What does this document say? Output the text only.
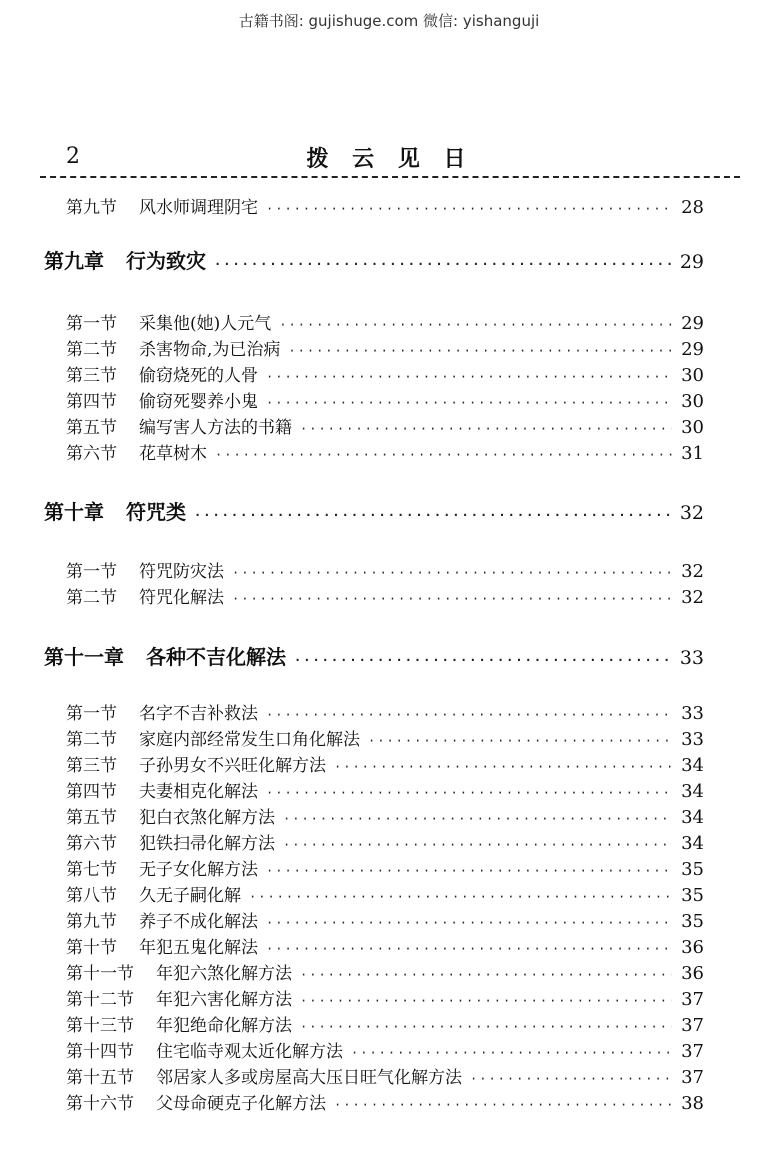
古籍书阁: gujishuge.com 微信: yishanguji
2	拨 云 见 日
第九节 风水师调理阴宅 ·····	28
第九章 行为致灾 ·····	29
第一节 采集他(她)人元气 ·····	29
第二节 杀害物命,为已治病 ·····	29
第三节 偷窃烧死的人骨 ·····	30
第四节 偷窃死婴养小鬼 ·····	30
第五节 编写害人方法的书籍 ·····	30
第六节 花草树木 ·····	31
第十章 符咒类 ·····	32
第一节 符咒防灾法 ·····	32
第二节 符咒化解法 ·····	32
第十一章 各种不吉化解法 ·····	33
第一节 名字不吉补救法 ·····	33
第二节 家庭内部经常发生口角化解法 ·····	33
第三节 子孙男女不兴旺化解方法 ·····	34
第四节 夫妻相克化解法 ·····	34
第五节 犯白衣煞化解方法 ·····	34
第六节 犯铁扫帚化解方法 ·····	34
第七节 无子女化解方法 ·····	35
第八节 久无子嗣化解 ·····	35
第九节 养子不成化解法 ·····	35
第十节 年犯五鬼化解法 ·····	36
第十一节 年犯六煞化解方法 ·····	36
第十二节 年犯六害化解方法 ·····	37
第十三节 年犯绝命化解方法 ·····	37
第十四节 住宅临寺观太近化解方法 ·····	37
第十五节 邻居家人多或房屋高大压日旺气化解方法 ·····	37
第十六节 父母命硬克子化解方法 ·····	38
